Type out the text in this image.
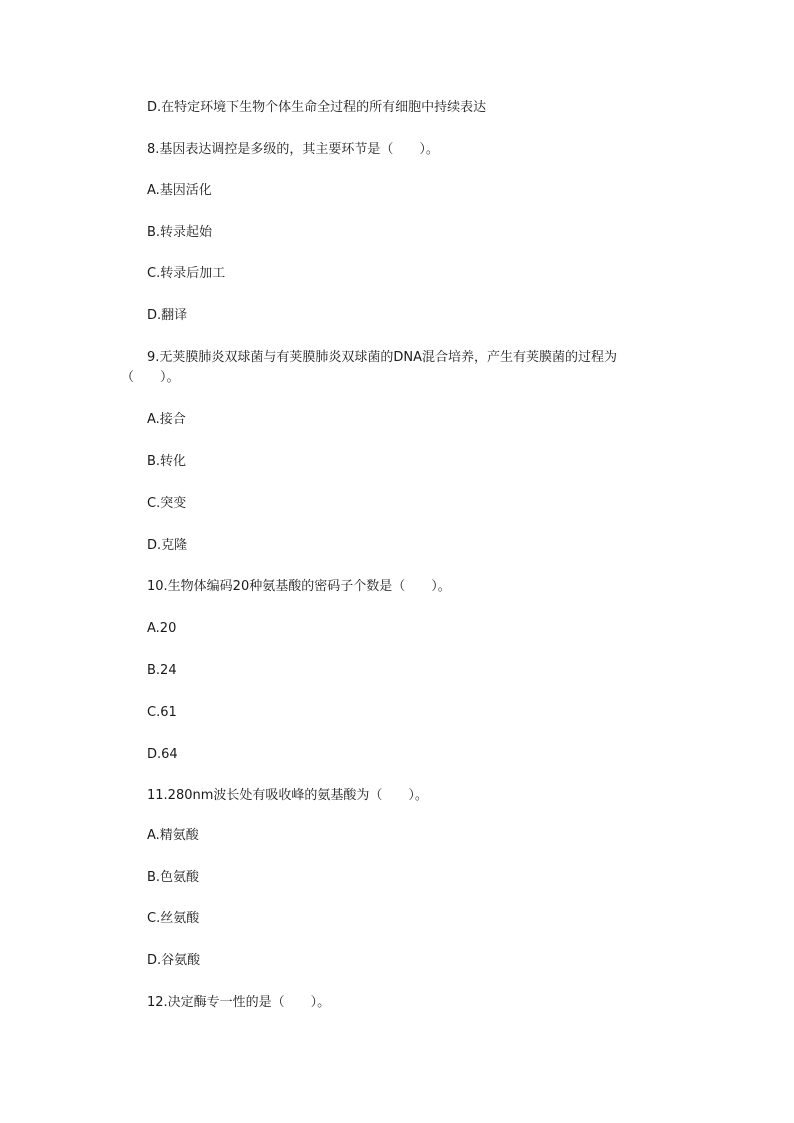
D.在特定环境下生物个体生命全过程的所有细胞中持续表达
8.基因表达调控是多级的，其主要环节是（　　）。
A.基因活化
B.转录起始
C.转录后加工
D.翻译
9.无荚膜肺炎双球菌与有荚膜肺炎双球菌的DNA混合培养，产生有荚膜菌的过程为
（　　）。
A.接合
B.转化
C.突变
D.克隆
10.生物体编码20种氨基酸的密码子个数是（　　）。
A.20
B.24
C.61
D.64
11.280nm波长处有吸收峰的氨基酸为（　　）。
A.精氨酸
B.色氨酸
C.丝氨酸
D.谷氨酸
12.决定酶专一性的是（　　）。
